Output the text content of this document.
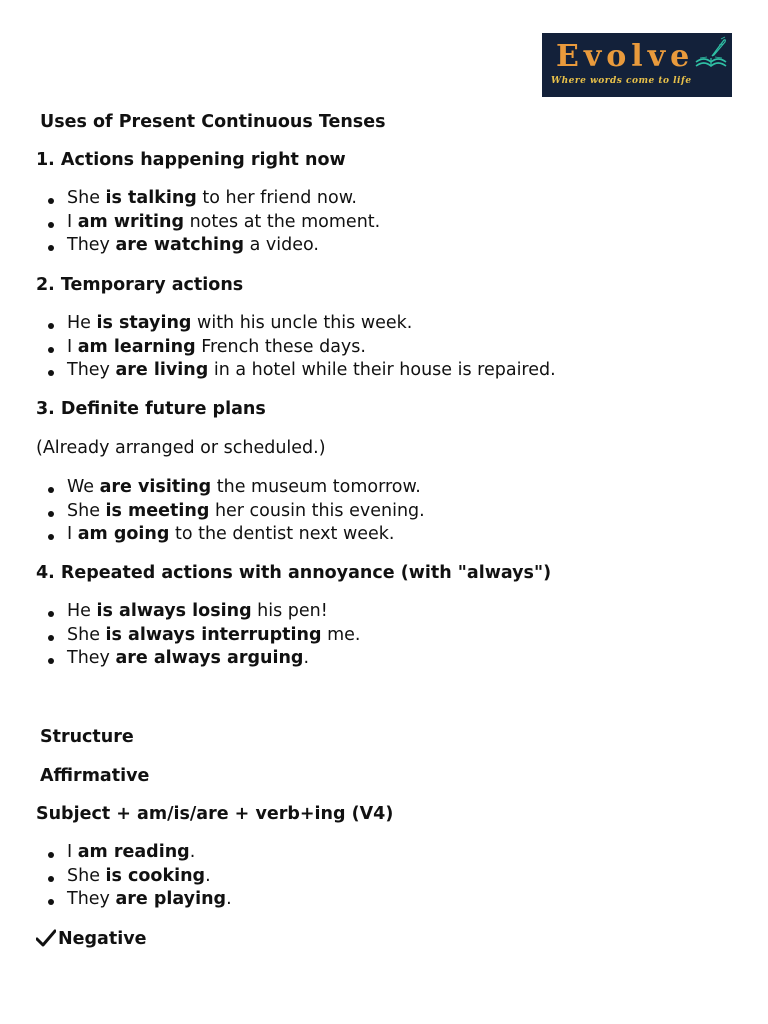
Evolve
Where words come to life
Uses of Present Continuous Tenses
1. Actions happening right now
She is talking to her friend now.
I am writing notes at the moment.
They are watching a video.
2. Temporary actions
He is staying with his uncle this week.
I am learning French these days.
They are living in a hotel while their house is repaired.
3. Definite future plans
(Already arranged or scheduled.)
We are visiting the museum tomorrow.
She is meeting her cousin this evening.
I am going to the dentist next week.
4. Repeated actions with annoyance (with "always")
He is always losing his pen!
She is always interrupting me.
They are always arguing.
Structure
Affirmative
Subject + am/is/are + verb+ing (V4)
I am reading.
She is cooking.
They are playing.
Negative
